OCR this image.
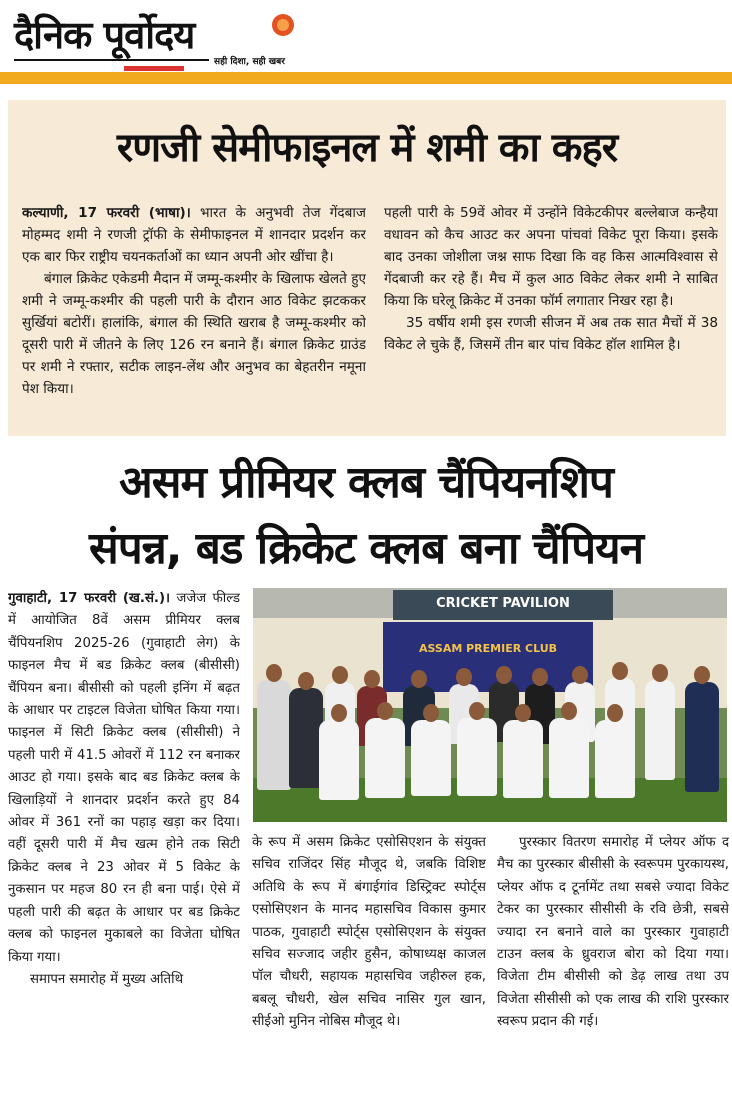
दैनिक पूर्वोदय
सही दिशा, सही खबर
रणजी सेमीफाइनल में शमी का कहर

कल्याणी, 17 फरवरी (भाषा)। भारत के अनुभवी तेज गेंदबाज मोहम्मद शमी ने रणजी ट्रॉफी के सेमीफाइनल में शानदार प्रदर्शन कर एक बार फिर राष्ट्रीय चयनकर्ताओं का ध्यान अपनी ओर खींचा है।

बंगाल क्रिकेट एकेडमी मैदान में जम्मू-कश्मीर के खिलाफ खेलते हुए शमी ने जम्मू-कश्मीर की पहली पारी के दौरान आठ विकेट झटककर सुर्खियां बटोरीं। हालांकि, बंगाल की स्थिति खराब है जम्मू-कश्मीर को दूसरी पारी में जीतने के लिए 126 रन बनाने हैं। बंगाल क्रिकेट ग्राउंड पर शमी ने रफ्तार, सटीक लाइन-लेंथ और अनुभव का बेहतरीन नमूना पेश किया।

पहली पारी के 59वें ओवर में उन्होंने विकेटकीपर बल्लेबाज कन्हैया वधावन को कैच आउट कर अपना पांचवां विकेट पूरा किया। इसके बाद उनका जोशीला जश्न साफ दिखा कि वह किस आत्मविश्वास से गेंदबाजी कर रहे हैं। मैच में कुल आठ विकेट लेकर शमी ने साबित किया कि घरेलू क्रिकेट में उनका फॉर्म लगातार निखर रहा है।

35 वर्षीय शमी इस रणजी सीजन में अब तक सात मैचों में 38 विकेट ले चुके हैं, जिसमें तीन बार पांच विकेट हॉल शामिल है।

असम प्रीमियर क्लब चैंपियनशिप
संपन्न, बड क्रिकेट क्लब बना चैंपियन

गुवाहाटी, 17 फरवरी (ख.सं.)। जजेज फील्ड में आयोजित 8वें असम प्रीमियर क्लब चैंपियनशिप 2025-26 (गुवाहाटी लेग) के फाइनल मैच में बड क्रिकेट क्लब (बीसीसी) चैंपियन बना। बीसीसी को पहली इनिंग में बढ़त के आधार पर टाइटल विजेता घोषित किया गया। फाइनल में सिटी क्रिकेट क्लब (सीसीसी) ने पहली पारी में 41.5 ओवरों में 112 रन बनाकर आउट हो गया। इसके बाद बड क्रिकेट क्लब के खिलाड़ियों ने शानदार प्रदर्शन करते हुए 84 ओवर में 361 रनों का पहाड़ खड़ा कर दिया। वहीं दूसरी पारी में मैच खत्म होने तक सिटी क्रिकेट क्लब ने 23 ओवर में 5 विकेट के नुकसान पर महज 80 रन ही बना पाई। ऐसे में पहली पारी की बढ़त के आधार पर बड क्रिकेट क्लब को फाइनल मुकाबले का विजेता घोषित किया गया।

समापन समारोह में मुख्य अतिथि

CRICKET PAVILION
ASSAM PREMIER CLUB

के रूप में असम क्रिकेट एसोसिएशन के संयुक्त सचिव राजिंदर सिंह मौजूद थे, जबकि विशिष्ट अतिथि के रूप में बंगाईगांव डिस्ट्रिक्ट स्पोर्ट्स एसोसिएशन के मानद महासचिव विकास कुमार पाठक, गुवाहाटी स्पोर्ट्स एसोसिएशन के संयुक्त सचिव सज्जाद जहीर हुसैन, कोषाध्यक्ष काजल पॉल चौधरी, सहायक महासचिव जहीरुल हक, बबलू चौधरी, खेल सचिव नासिर गुल खान, सीईओ मुनिन नोबिस मौजूद थे।

पुरस्कार वितरण समारोह में प्लेयर ऑफ द मैच का पुरस्कार बीसीसी के स्वरूपम पुरकायस्थ, प्लेयर ऑफ द टूर्नामेंट तथा सबसे ज्यादा विकेट टेकर का पुरस्कार सीसीसी के रवि छेत्री, सबसे ज्यादा रन बनाने वाले का पुरस्कार गुवाहाटी टाउन क्लब के ध्रुवराज बोरा को दिया गया। विजेता टीम बीसीसी को डेढ़ लाख तथा उप विजेता सीसीसी को एक लाख की राशि पुरस्कार स्वरूप प्रदान की गई।
